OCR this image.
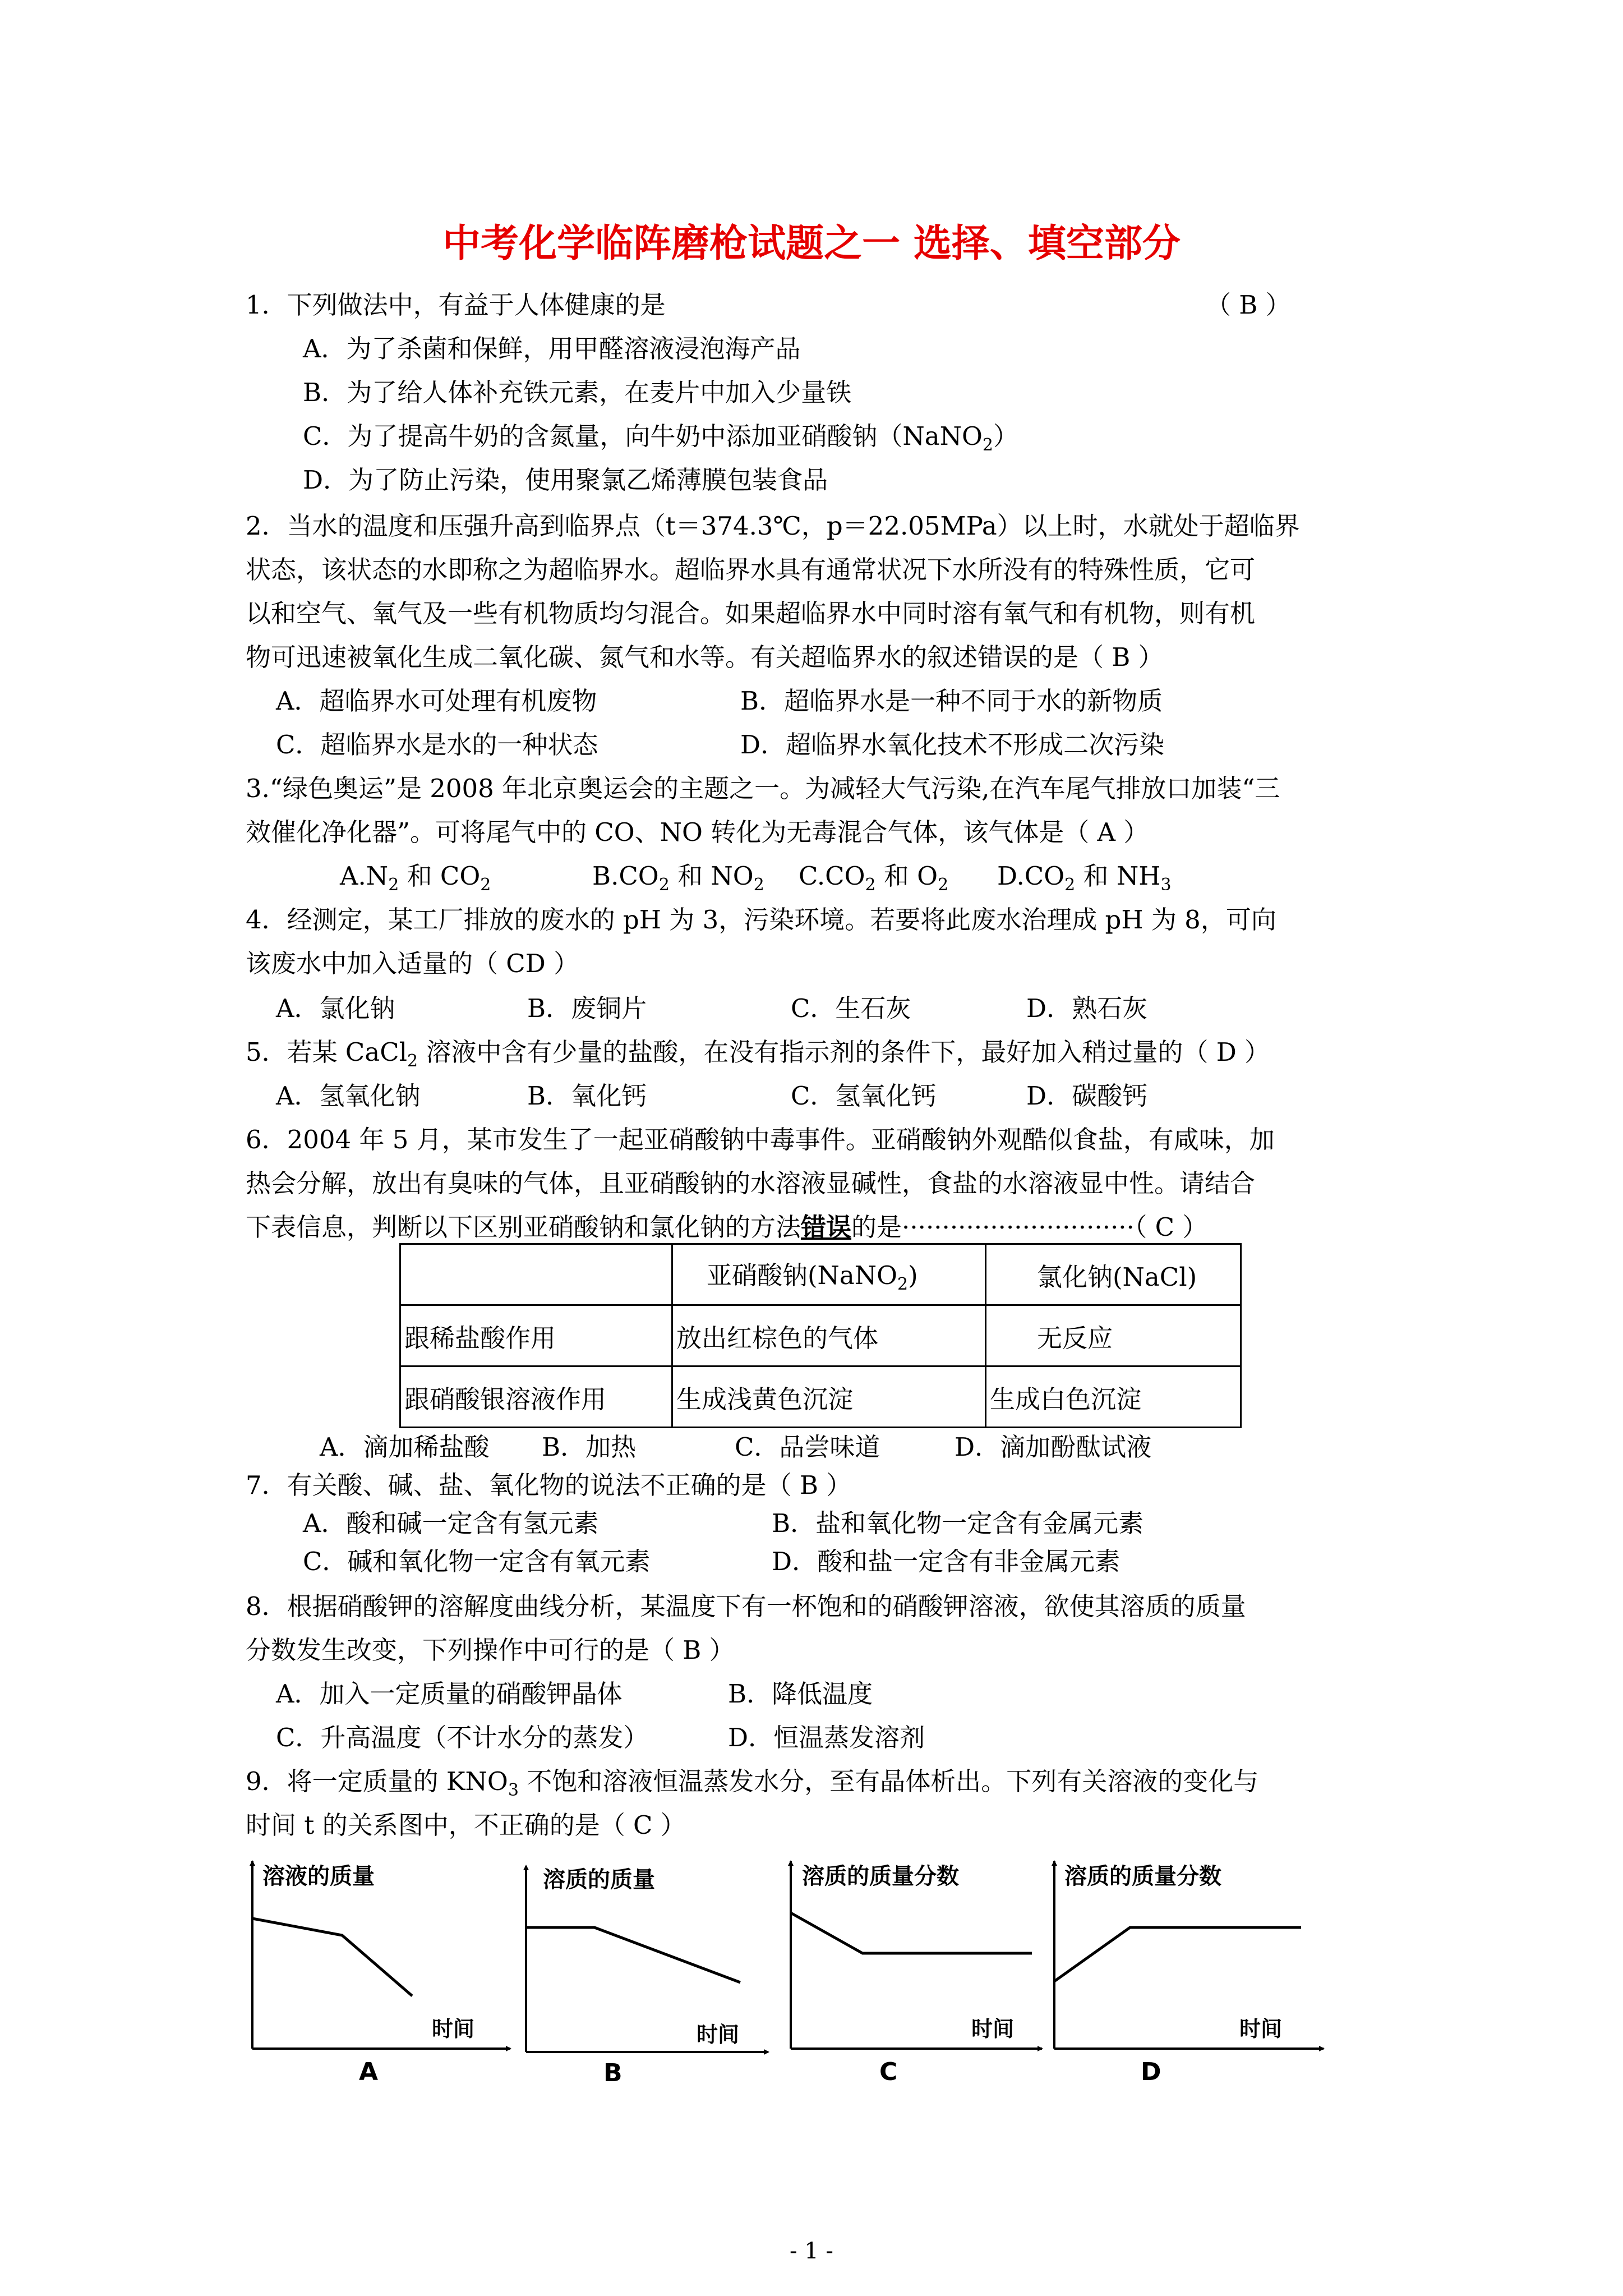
中考化学临阵磨枪试题之一 选择、填空部分
1．下列做法中，有益于人体健康的是	（ B ）
A．为了杀菌和保鲜，用甲醛溶液浸泡海产品
B．为了给人体补充铁元素，在麦片中加入少量铁
C．为了提高牛奶的含氮量，向牛奶中添加亚硝酸钠（NaNO$_2$）
D．为了防止污染，使用聚氯乙烯薄膜包装食品
2．当水的温度和压强升高到临界点（t＝374.3℃，p＝22.05MPa）以上时，水就处于超临界
状态，该状态的水即称之为超临界水。超临界水具有通常状况下水所没有的特殊性质，它可
以和空气、氧气及一些有机物质均匀混合。如果超临界水中同时溶有氧气和有机物，则有机
物可迅速被氧化生成二氧化碳、氮气和水等。有关超临界水的叙述错误的是（ B ）
A．超临界水可处理有机废物	B．超临界水是一种不同于水的新物质
C．超临界水是水的一种状态	D．超临界水氧化技术不形成二次污染
3.“绿色奥运”是 2008 年北京奥运会的主题之一。为减轻大气污染,在汽车尾气排放口加装“三
效催化净化器”。可将尾气中的 CO、NO 转化为无毒混合气体，该气体是（ A ）
$A.N_2$ 和 $CO_2$	$B.CO_2$ 和 $NO_2$ $C.CO_2$ 和 $O_2$ $D.CO_2$ 和 $NH_3$
4．经测定，某工厂排放的废水的 pH 为 3，污染环境。若要将此废水治理成 pH 为 8，可向
该废水中加入适量的（ CD ）
A．氯化钠	B．废铜片	C．生石灰	D．熟石灰
5．若某 CaCl$_2$ 溶液中含有少量的盐酸，在没有指示剂的条件下，最好加入稍过量的（ D ）
A．氢氧化钠	B．氧化钙	C．氢氧化钙	D．碳酸钙
6．2004 年 5 月，某市发生了一起亚硝酸钠中毒事件。亚硝酸钠外观酷似食盐，有咸味，加
热会分解，放出有臭味的气体，且亚硝酸钠的水溶液显碱性，食盐的水溶液显中性。请结合
下表信息，判断以下区别亚硝酸钠和氯化钠的方法错误的是·····························（ C ）
	亚硝酸钠(NaNO$_2$)	氯化钠(NaCl)
跟稀盐酸作用	放出红棕色的气体	无反应
跟硝酸银溶液作用	生成浅黄色沉淀	生成白色沉淀
A．滴加稀盐酸 B．加热	C．品尝味道	D．滴加酚酞试液
7．有关酸、碱、盐、氧化物的说法不正确的是（ B ）
A．酸和碱一定含有氢元素	B．盐和氧化物一定含有金属元素
C．碱和氧化物一定含有氧元素	D．酸和盐一定含有非金属元素
8．根据硝酸钾的溶解度曲线分析，某温度下有一杯饱和的硝酸钾溶液，欲使其溶质的质量
分数发生改变，下列操作中可行的是（ B ）
A．加入一定质量的硝酸钾晶体	B．降低温度
C．升高温度（不计水分的蒸发）	D．恒温蒸发溶剂
9．将一定质量的 $KNO_3$ 不饱和溶液恒温蒸发水分，至有晶体析出。下列有关溶液的变化与
时间 t 的关系图中，不正确的是（ C ）
溶液的质量
时间
A
溶质的质量
时间
B
溶质的质量分数
时间
C
溶质的质量分数
时间
D
- 1 -
